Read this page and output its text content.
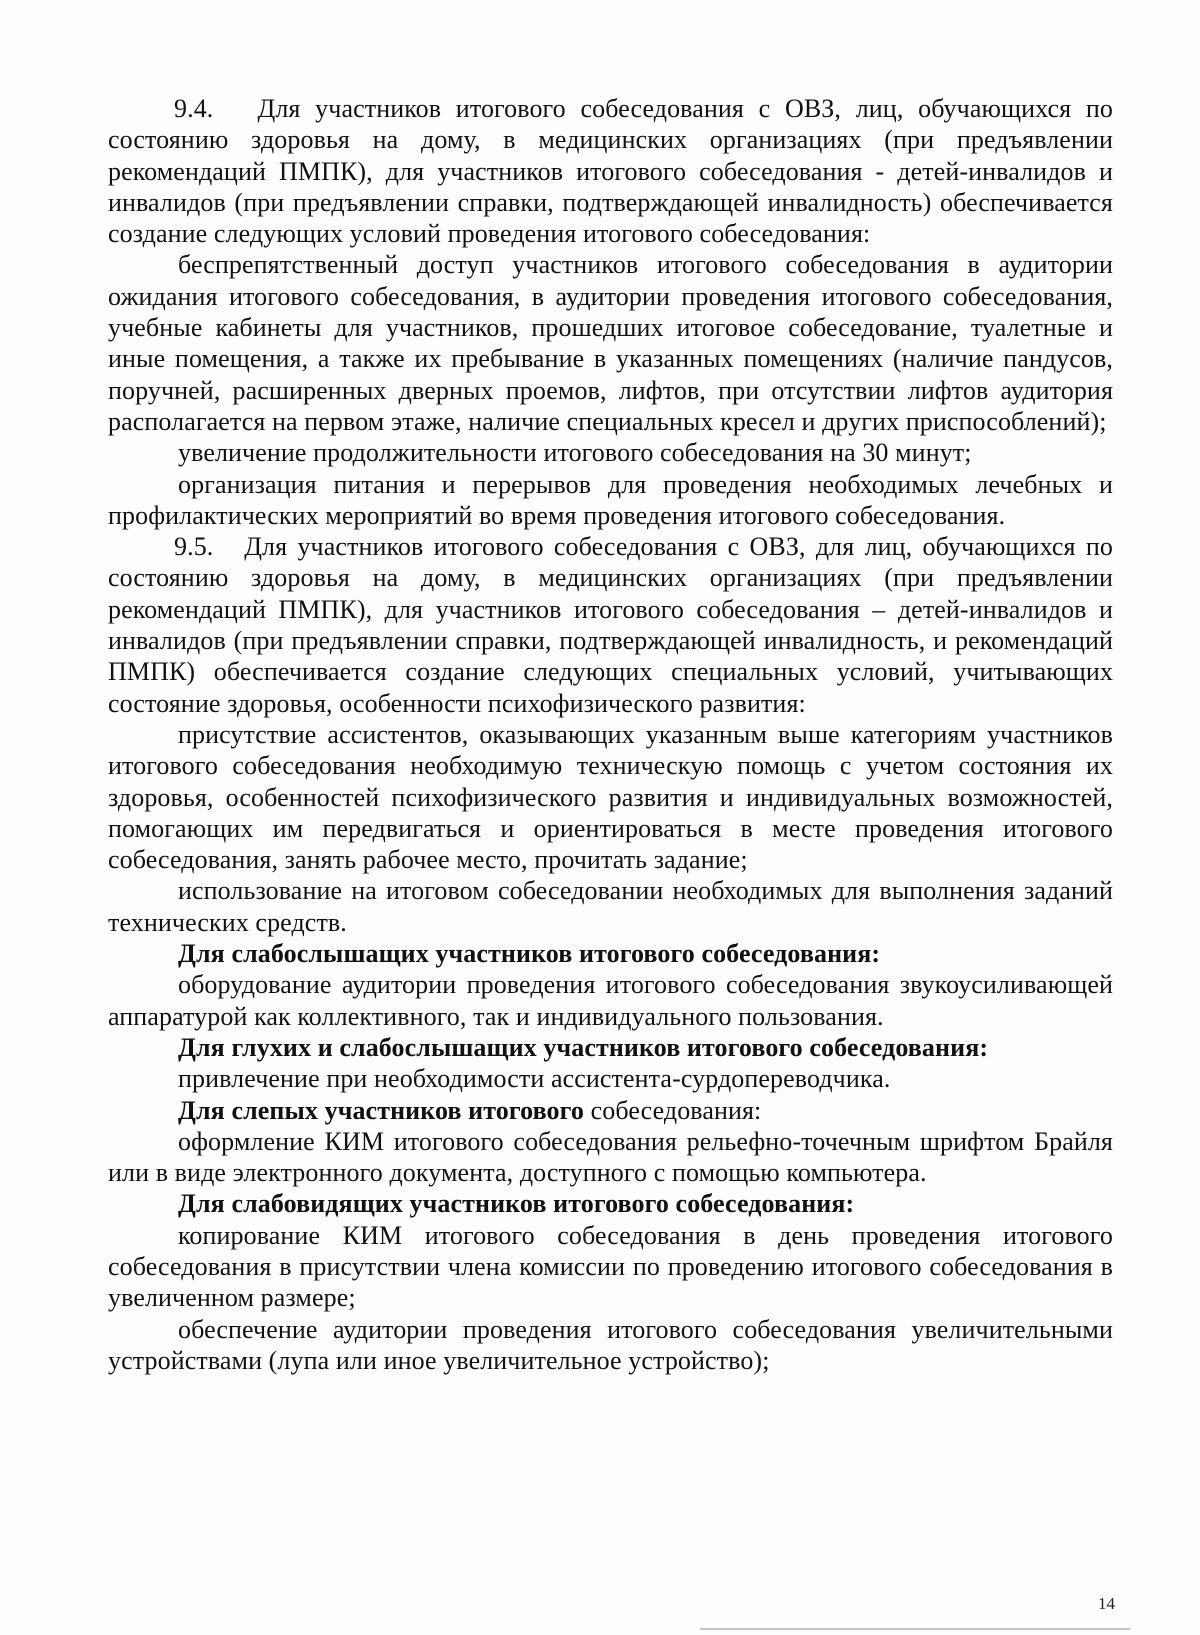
9.4.   Для участников итогового собеседования с ОВЗ, лиц, обучающихся по состоянию здоровья на дому, в медицинских организациях (при предъявлении рекомендаций ПМПК), для участников итогового собеседования - детей-инвалидов и инвалидов (при предъявлении справки, подтверждающей инвалидность) обеспечивается создание следующих условий проведения итогового собеседования:

беспрепятственный доступ участников итогового собеседования в аудитории ожидания итогового собеседования, в аудитории проведения итогового собеседования, учебные кабинеты для участников, прошедших итоговое собеседование, туалетные и иные помещения, а также их пребывание в указанных помещениях (наличие пандусов, поручней, расширенных дверных проемов, лифтов, при отсутствии лифтов аудитория располагается на первом этаже, наличие специальных кресел и других приспособлений);

увеличение продолжительности итогового собеседования на 30 минут;

организация питания и перерывов для проведения необходимых лечебных и профилактических мероприятий во время проведения итогового собеседования.

9.5.   Для участников итогового собеседования с ОВЗ, для лиц, обучающихся по состоянию здоровья на дому, в медицинских организациях (при предъявлении рекомендаций ПМПК), для участников итогового собеседования – детей-инвалидов и инвалидов (при предъявлении справки, подтверждающей инвалидность, и рекомендаций ПМПК) обеспечивается создание следующих специальных условий, учитывающих состояние здоровья, особенности психофизического развития:

присутствие ассистентов, оказывающих указанным выше категориям участников итогового собеседования необходимую техническую помощь с учетом состояния их здоровья, особенностей психофизического развития и индивидуальных возможностей, помогающих им передвигаться и ориентироваться в месте проведения итогового собеседования, занять рабочее место, прочитать задание;

использование на итоговом собеседовании необходимых для выполнения заданий технических средств.

Для слабослышащих участников итогового собеседования:

оборудование аудитории проведения итогового собеседования звукоусиливающей аппаратурой как коллективного, так и индивидуального пользования.

Для глухих и слабослышащих участников итогового собеседования:

привлечение при необходимости ассистента-сурдопереводчика.

Для слепых участников итогового собеседования:

оформление КИМ итогового собеседования рельефно-точечным шрифтом Брайля или в виде электронного документа, доступного с помощью компьютера.

Для слабовидящих участников итогового собеседования:

копирование КИМ итогового собеседования в день проведения итогового собеседования в присутствии члена комиссии по проведению итогового собеседования в увеличенном размере;

обеспечение аудитории проведения итогового собеседования увеличительными устройствами (лупа или иное увеличительное устройство);

14
